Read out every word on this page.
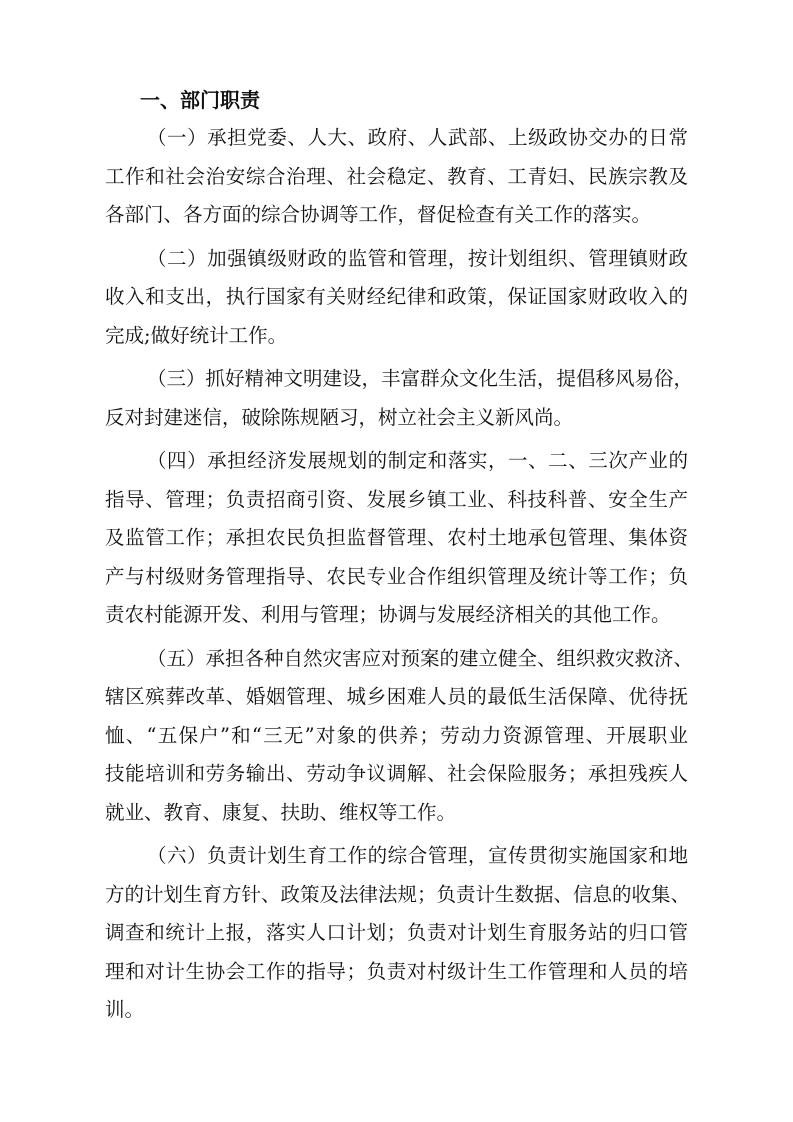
一、部门职责
（一）承担党委、人大、政府、人武部、上级政协交办的日常
工作和社会治安综合治理、社会稳定、教育、工青妇、民族宗教及
各部门、各方面的综合协调等工作，督促检查有关工作的落实。
（二）加强镇级财政的监管和管理，按计划组织、管理镇财政
收入和支出，执行国家有关财经纪律和政策，保证国家财政收入的
完成;做好统计工作。
（三）抓好精神文明建设，丰富群众文化生活，提倡移风易俗，
反对封建迷信，破除陈规陋习，树立社会主义新风尚。
（四）承担经济发展规划的制定和落实，一、二、三次产业的
指导、管理；负责招商引资、发展乡镇工业、科技科普、安全生产
及监管工作；承担农民负担监督管理、农村土地承包管理、集体资
产与村级财务管理指导、农民专业合作组织管理及统计等工作；负
责农村能源开发、利用与管理；协调与发展经济相关的其他工作。
（五）承担各种自然灾害应对预案的建立健全、组织救灾救济、
辖区殡葬改革、婚姻管理、城乡困难人员的最低生活保障、优待抚
恤、“五保户”和“三无”对象的供养；劳动力资源管理、开展职业
技能培训和劳务输出、劳动争议调解、社会保险服务；承担残疾人
就业、教育、康复、扶助、维权等工作。
（六）负责计划生育工作的综合管理，宣传贯彻实施国家和地
方的计划生育方针、政策及法律法规；负责计生数据、信息的收集、
调查和统计上报，落实人口计划；负责对计划生育服务站的归口管
理和对计生协会工作的指导；负责对村级计生工作管理和人员的培
训。
